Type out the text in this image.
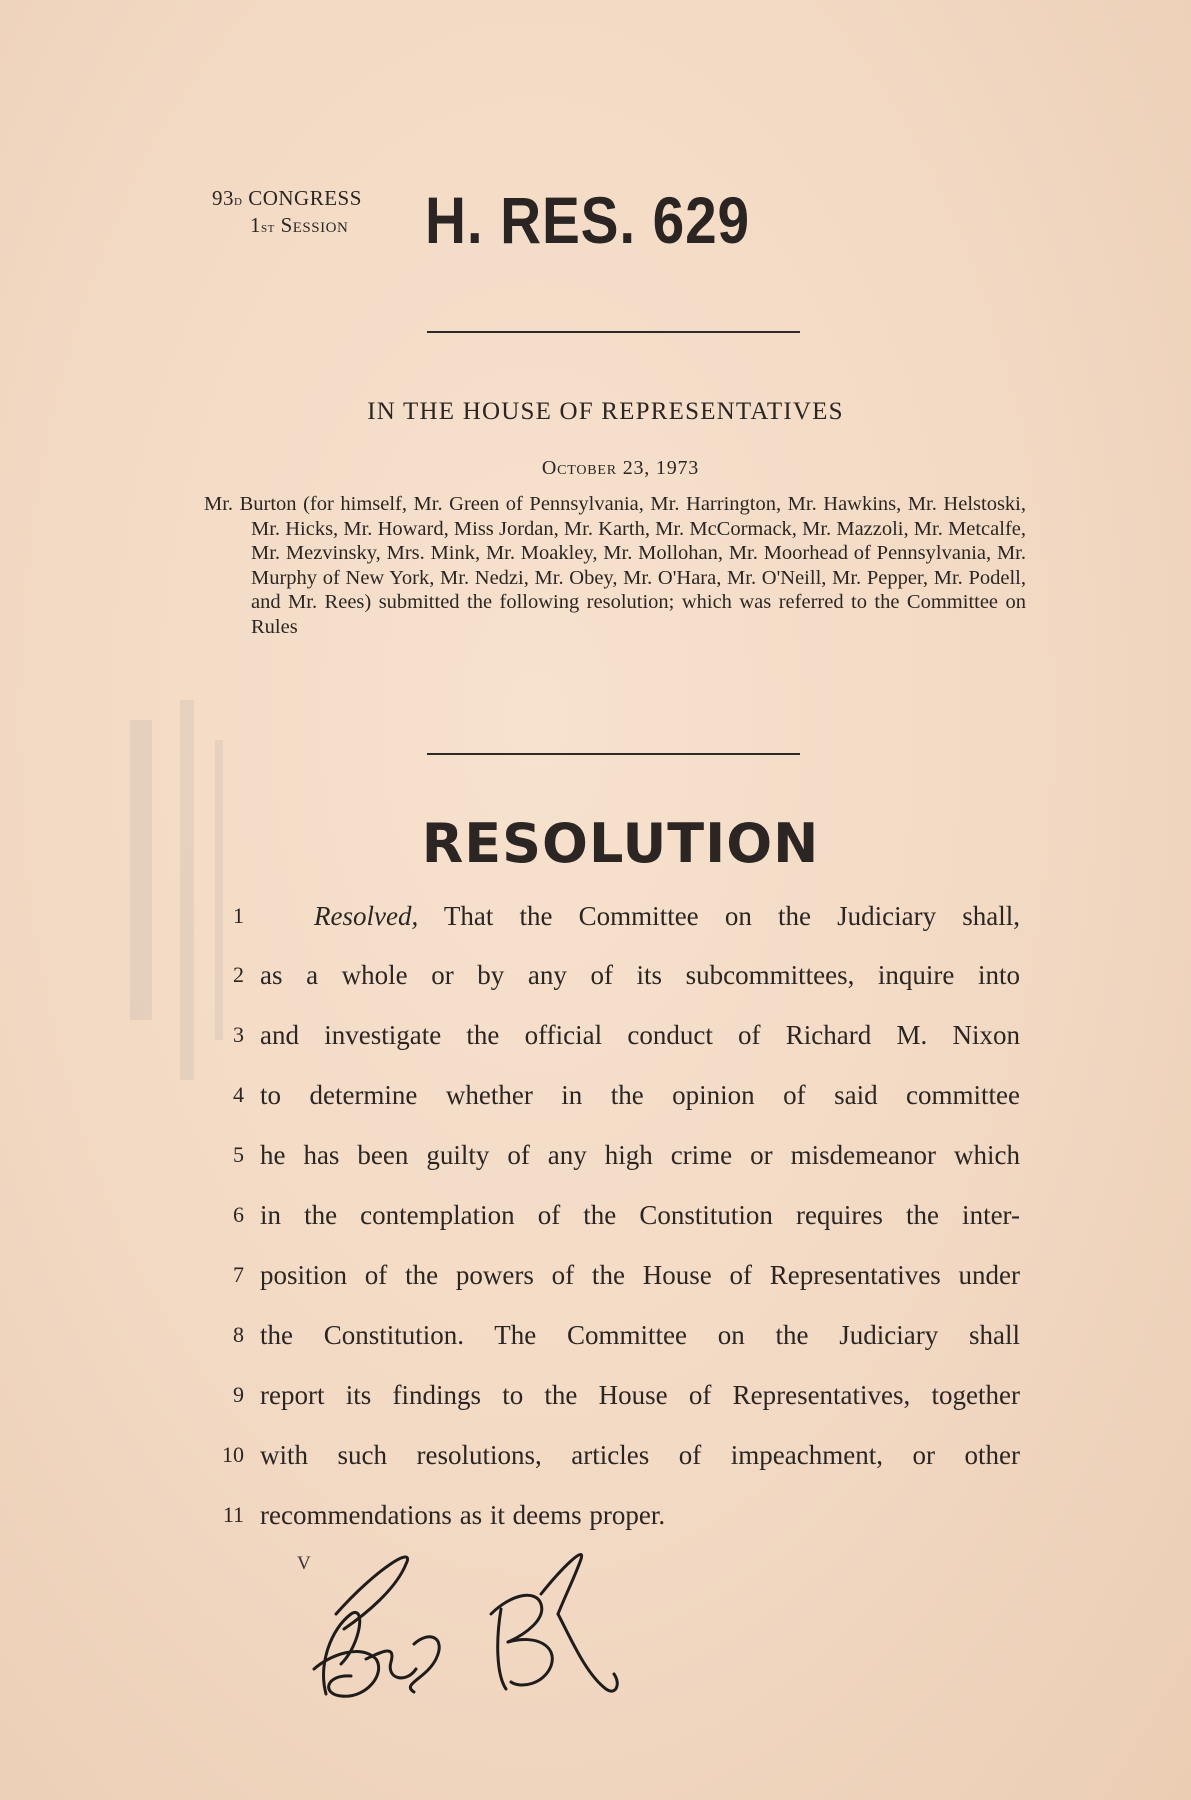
93d CONGRESS
1st Session H. RES. 629
IN THE HOUSE OF REPRESENTATIVES
October 23, 1973
Mr. Burton (for himself, Mr. Green of Pennsylvania, Mr. Harrington, Mr. Hawkins, Mr. Helstoski, Mr. Hicks, Mr. Howard, Miss Jordan, Mr. Karth, Mr. McCormack, Mr. Mazzoli, Mr. Metcalfe, Mr. Mezvinsky, Mrs. Mink, Mr. Moakley, Mr. Mollohan, Mr. Moorhead of Pennsylvania, Mr. Murphy of New York, Mr. Nedzi, Mr. Obey, Mr. O'Hara, Mr. O'Neill, Mr. Pepper, Mr. Podell, and Mr. Rees) submitted the following resolution; which was referred to the Committee on Rules
RESOLUTION
1	Resolved, That the Committee on the Judiciary shall,
2 as a whole or by any of its subcommittees, inquire into
3 and investigate the official conduct of Richard M. Nixon
4 to determine whether in the opinion of said committee
5 he has been guilty of any high crime or misdemeanor which
6 in the contemplation of the Constitution requires the inter-
7 position of the powers of the House of Representatives under
8 the Constitution. The Committee on the Judiciary shall
9 report its findings to the House of Representatives, together
10 with such resolutions, articles of impeachment, or other
11 recommendations as it deems proper.
V
